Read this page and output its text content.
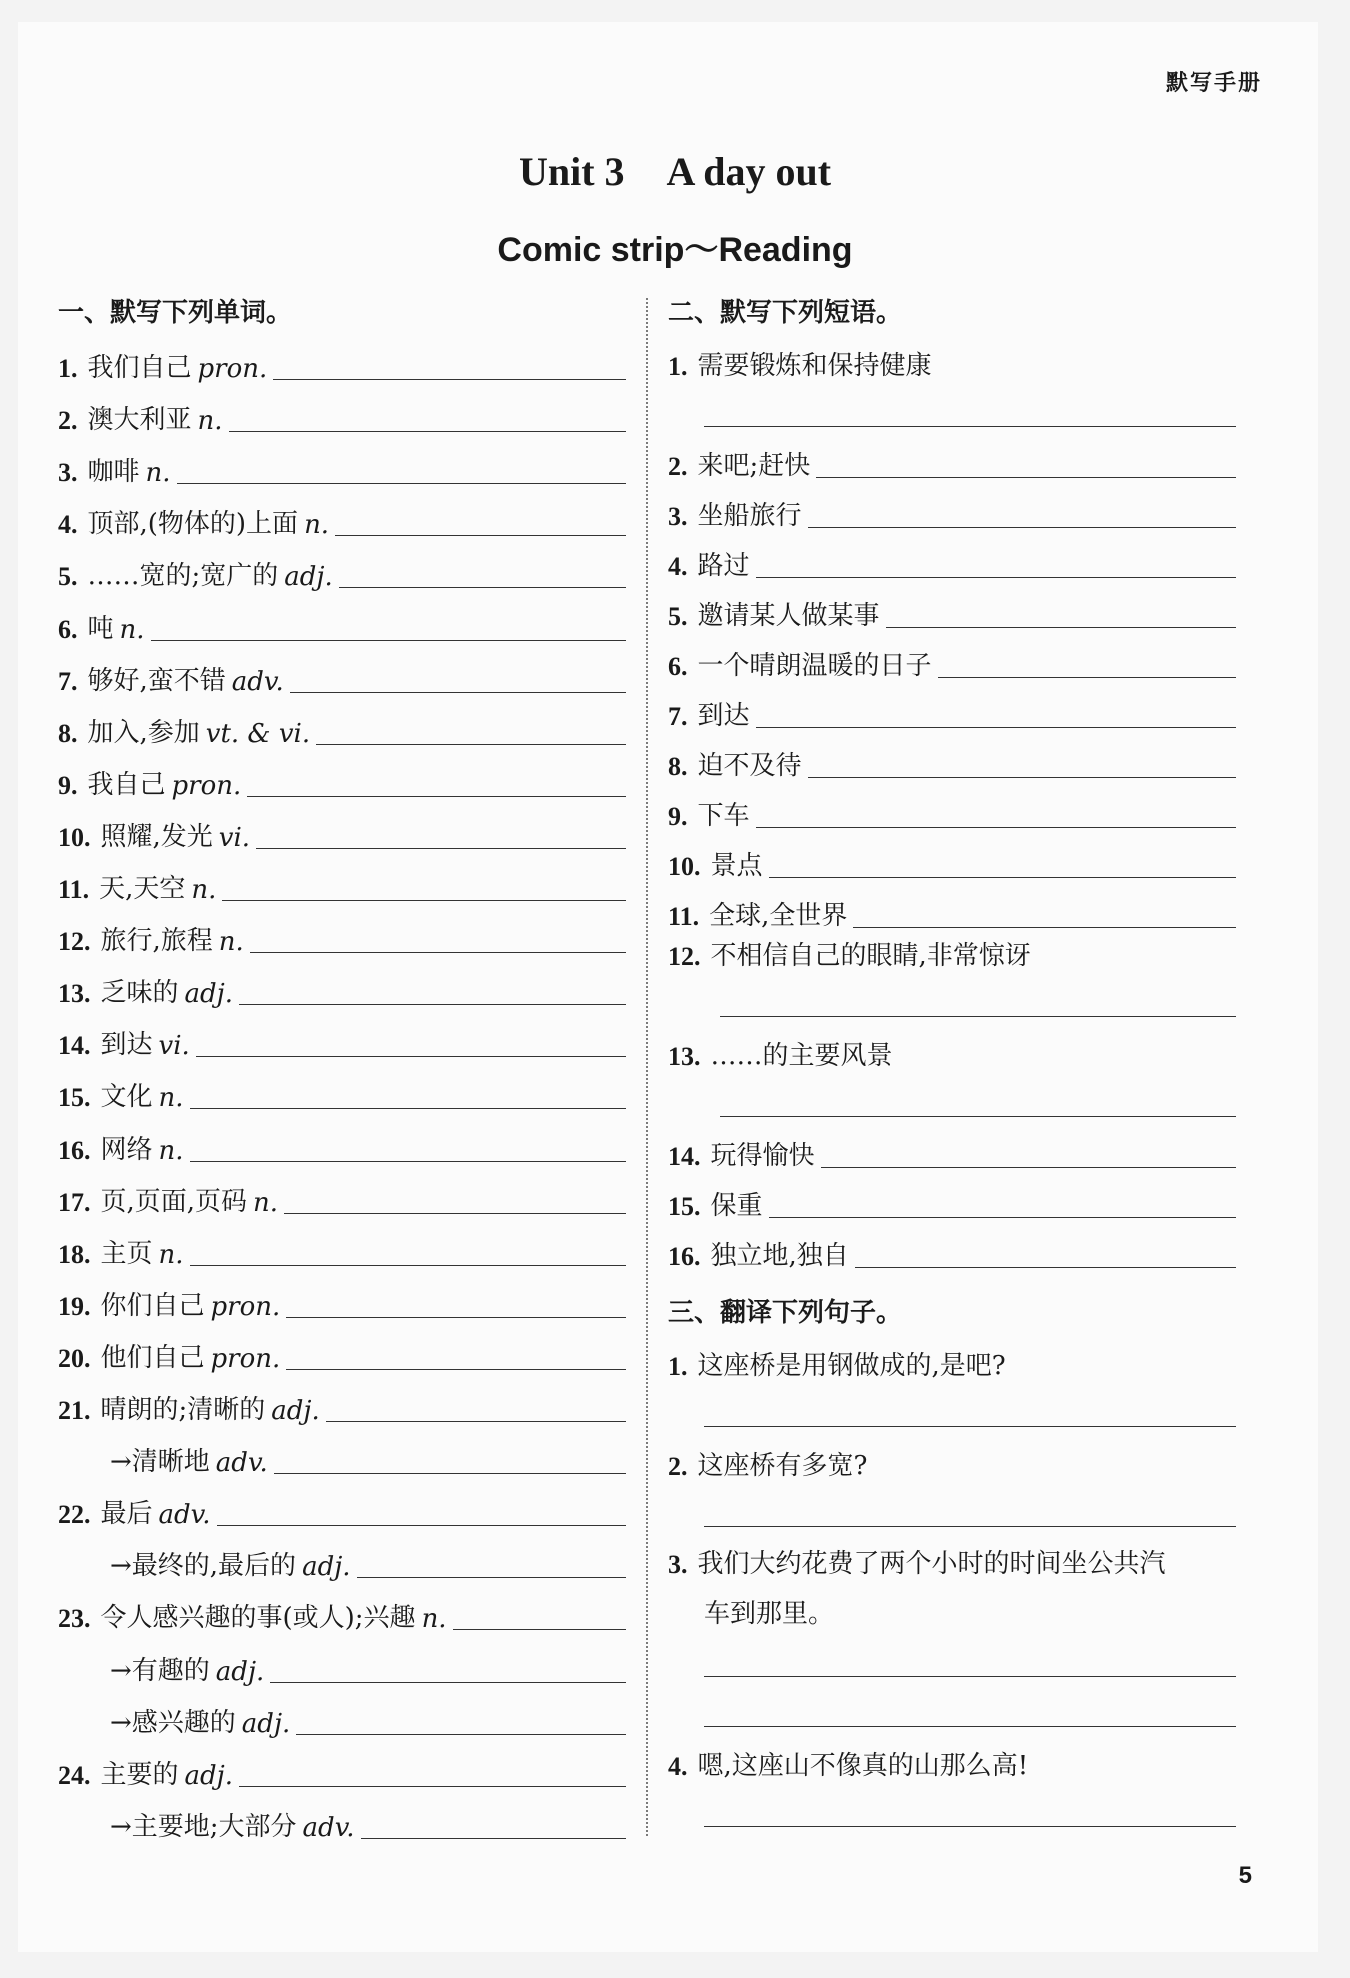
默写手册
Unit 3 A day out
Comic strip～Reading
一、默写下列单词。
1. 我们自己 pron.
2. 澳大利亚 n.
3. 咖啡 n.
4. 顶部,(物体的)上面 n.
5. ……宽的;宽广的 adj.
6. 吨 n.
7. 够好,蛮不错 adv.
8. 加入,参加 vt. & vi.
9. 我自己 pron.
10. 照耀,发光 vi.
11. 天,天空 n.
12. 旅行,旅程 n.
13. 乏味的 adj.
14. 到达 vi.
15. 文化 n.
16. 网络 n.
17. 页,页面,页码 n.
18. 主页 n.
19. 你们自己 pron.
20. 他们自己 pron.
21. 晴朗的;清晰的 adj.
→清晰地 adv.
22. 最后 adv.
→最终的,最后的 adj.
23. 令人感兴趣的事(或人);兴趣 n.
→有趣的 adj.
→感兴趣的 adj.
24. 主要的 adj.
→主要地;大部分 adv.
二、默写下列短语。
1. 需要锻炼和保持健康
2. 来吧;赶快
3. 坐船旅行
4. 路过
5. 邀请某人做某事
6. 一个晴朗温暖的日子
7. 到达
8. 迫不及待
9. 下车
10. 景点
11. 全球,全世界
12. 不相信自己的眼睛,非常惊讶
13. ……的主要风景
14. 玩得愉快
15. 保重
16. 独立地,独自
三、翻译下列句子。
1. 这座桥是用钢做成的,是吧?
2. 这座桥有多宽?
3. 我们大约花费了两个小时的时间坐公共汽
车到那里。
4. 嗯,这座山不像真的山那么高!
5
